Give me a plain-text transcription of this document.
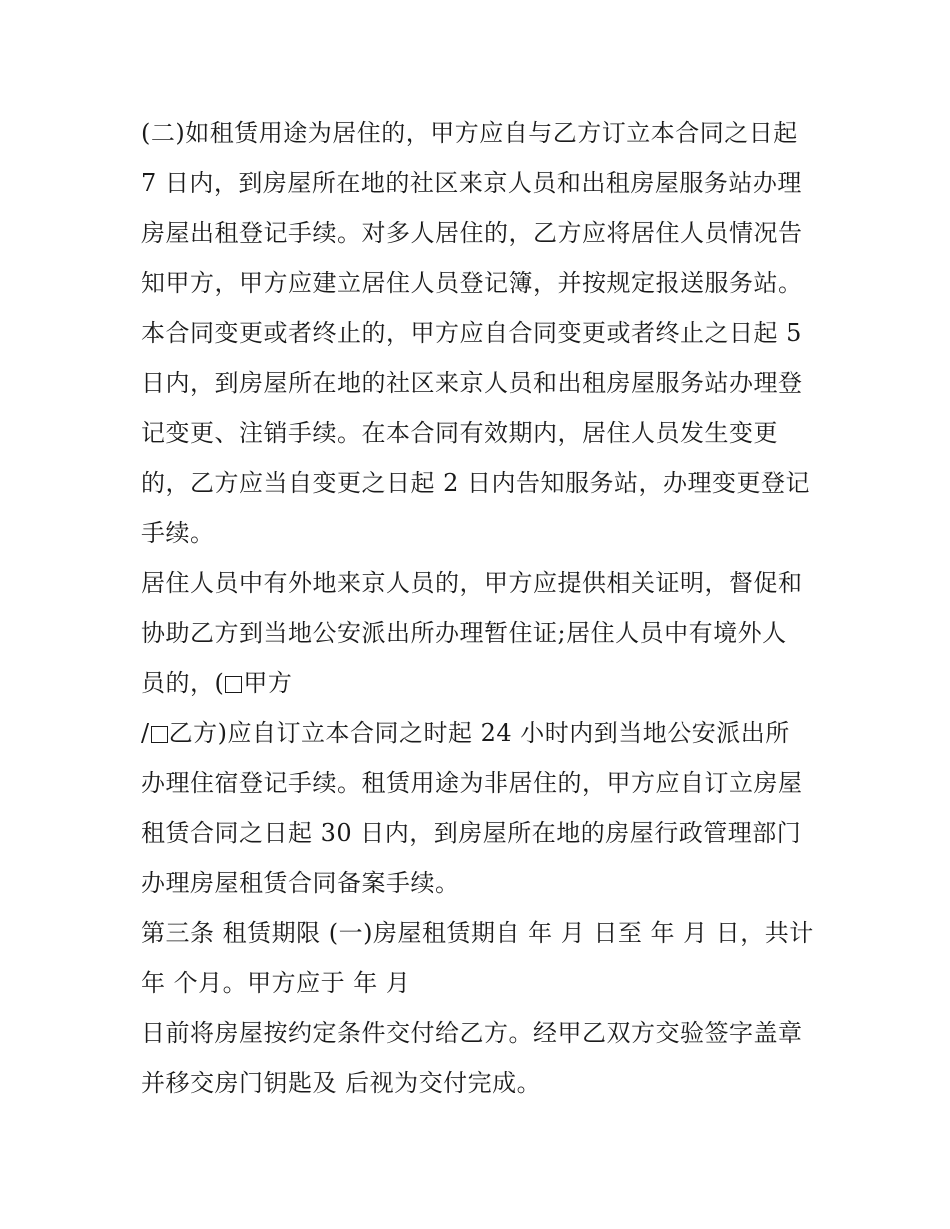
(二)如租赁用途为居住的，甲方应自与乙方订立本合同之日起
7 日内，到房屋所在地的社区来京人员和出租房屋服务站办理
房屋出租登记手续。对多人居住的，乙方应将居住人员情况告
知甲方，甲方应建立居住人员登记簿，并按规定报送服务站。
本合同变更或者终止的，甲方应自合同变更或者终止之日起 5
日内，到房屋所在地的社区来京人员和出租房屋服务站办理登
记变更、注销手续。在本合同有效期内，居住人员发生变更
的，乙方应当自变更之日起 2 日内告知服务站，办理变更登记
手续。
居住人员中有外地来京人员的，甲方应提供相关证明，督促和
协助乙方到当地公安派出所办理暂住证;居住人员中有境外人
员的，( 甲方
/ 乙方)应自订立本合同之时起 24 小时内到当地公安派出所
办理住宿登记手续。租赁用途为非居住的，甲方应自订立房屋
租赁合同之日起 30 日内，到房屋所在地的房屋行政管理部门
办理房屋租赁合同备案手续。
第三条 租赁期限 (一)房屋租赁期自 年 月 日至 年 月 日，共计
年 个月。甲方应于 年 月
日前将房屋按约定条件交付给乙方。经甲乙双方交验签字盖章
并移交房门钥匙及 后视为交付完成。
